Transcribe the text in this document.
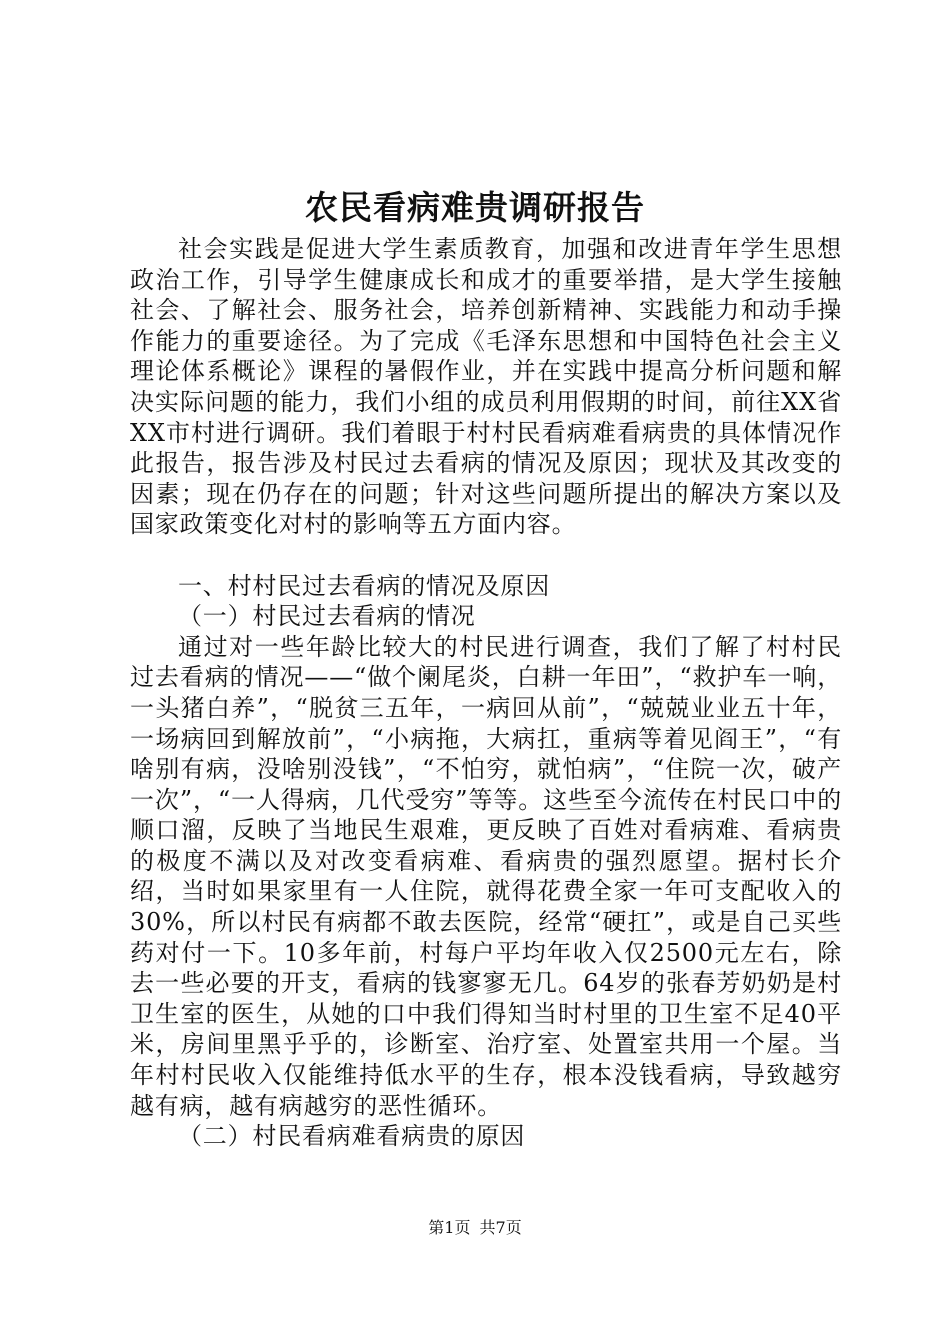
农民看病难贵调研报告

社会实践是促进大学生素质教育，加强和改进青年学生思想政治工作，引导学生健康成长和成才的重要举措，是大学生接触社会、了解社会、服务社会，培养创新精神、实践能力和动手操作能力的重要途径。为了完成《毛泽东思想和中国特色社会主义理论体系概论》课程的暑假作业，并在实践中提高分析问题和解决实际问题的能力，我们小组的成员利用假期的时间，前往XX省XX市村进行调研。我们着眼于村村民看病难看病贵的具体情况作此报告，报告涉及村民过去看病的情况及原因；现状及其改变的因素；现在仍存在的问题；针对这些问题所提出的解决方案以及国家政策变化对村的影响等五方面内容。

一、村村民过去看病的情况及原因

（一）村民过去看病的情况

通过对一些年龄比较大的村民进行调查，我们了解了村村民过去看病的情况——“做个阑尾炎，白耕一年田”，“救护车一响，一头猪白养”，“脱贫三五年，一病回从前”，“兢兢业业五十年，一场病回到解放前”，“小病拖，大病扛，重病等着见阎王”，“有啥别有病，没啥别没钱”，“不怕穷，就怕病”，“住院一次，破产一次”，“一人得病，几代受穷”等等。这些至今流传在村民口中的顺口溜，反映了当地民生艰难，更反映了百姓对看病难、看病贵的极度不满以及对改变看病难、看病贵的强烈愿望。据村长介绍，当时如果家里有一人住院，就得花费全家一年可支配收入的30%，所以村民有病都不敢去医院，经常“硬扛”，或是自己买些药对付一下。10多年前，村每户平均年收入仅2500元左右，除去一些必要的开支，看病的钱寥寥无几。64岁的张春芳奶奶是村卫生室的医生，从她的口中我们得知当时村里的卫生室不足40平米，房间里黑乎乎的，诊断室、治疗室、处置室共用一个屋。当年村村民收入仅能维持低水平的生存，根本没钱看病，导致越穷越有病，越有病越穷的恶性循环。

（二）村民看病难看病贵的原因

第1页 共7页
